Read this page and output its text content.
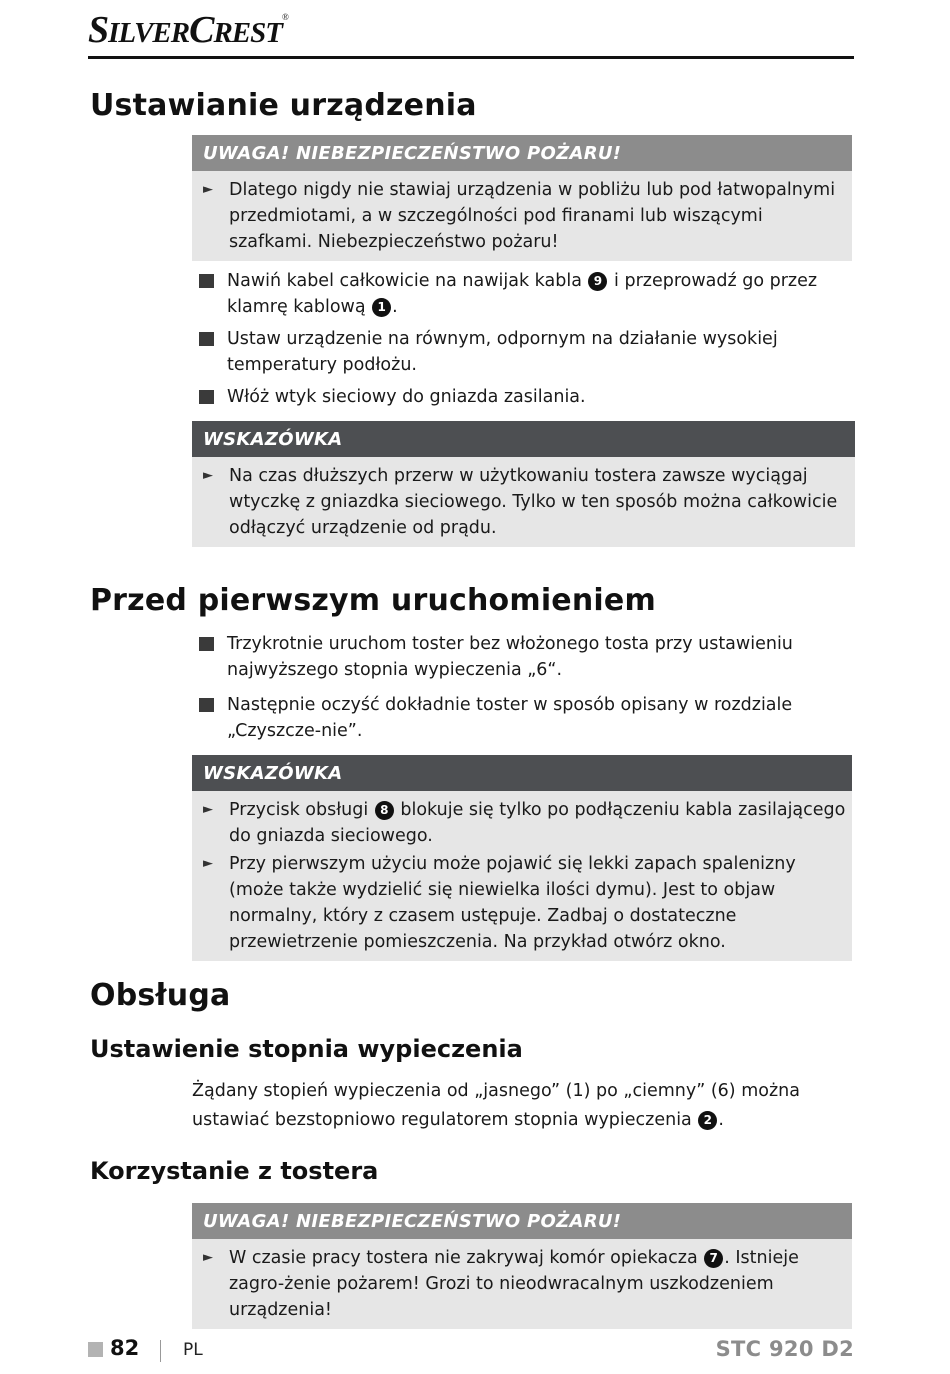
SILVERCREST®
Ustawianie urządzenia
UWAGA! NIEBEZPIECZEŃSTWO POŻARU!
► Dlatego nigdy nie stawiaj urządzenia w pobliżu lub pod łatwopalnymi przedmiotami, a w szczególności pod firanami lub wiszącymi szafkami. Niebezpieczeństwo pożaru!
Nawiń kabel całkowicie na nawijak kabla 9 i przeprowadź go przez klamrę kablową 1 .
Ustaw urządzenie na równym, odpornym na działanie wysokiej temperatury podłożu.
Włóż wtyk sieciowy do gniazda zasilania.
WSKAZÓWKA
► Na czas dłuższych przerw w użytkowaniu tostera zawsze wyciągaj wtyczkę z gniazdka sieciowego. Tylko w ten sposób można całkowicie odłączyć urządzenie od prądu.
Przed pierwszym uruchomieniem
Trzykrotnie uruchom toster bez włożonego tosta przy ustawieniu najwyższego stopnia wypieczenia „6“.
Następnie oczyść dokładnie toster w sposób opisany w rozdziale „Czyszcze-nie”.
WSKAZÓWKA
► Przycisk obsługi 8 blokuje się tylko po podłączeniu kabla zasilającego do gniazda sieciowego.
► Przy pierwszym użyciu może pojawić się lekki zapach spalenizny (może także wydzielić się niewielka ilości dymu). Jest to objaw normalny, który z czasem ustępuje. Zadbaj o dostateczne przewietrzenie pomieszczenia. Na przykład otwórz okno.
Obsługa
Ustawienie stopnia wypieczenia
Żądany stopień wypieczenia od „jasnego” (1) po „ciemny” (6) można ustawiać bezstopniowo regulatorem stopnia wypieczenia 2 .
Korzystanie z tostera
UWAGA! NIEBEZPIECZEŃSTWO POŻARU!
► W czasie pracy tostera nie zakrywaj komór opiekacza 7 . Istnieje zagro-żenie pożarem! Grozi to nieodwracalnym uszkodzeniem urządzenia!
82	PL	STC 920 D2
